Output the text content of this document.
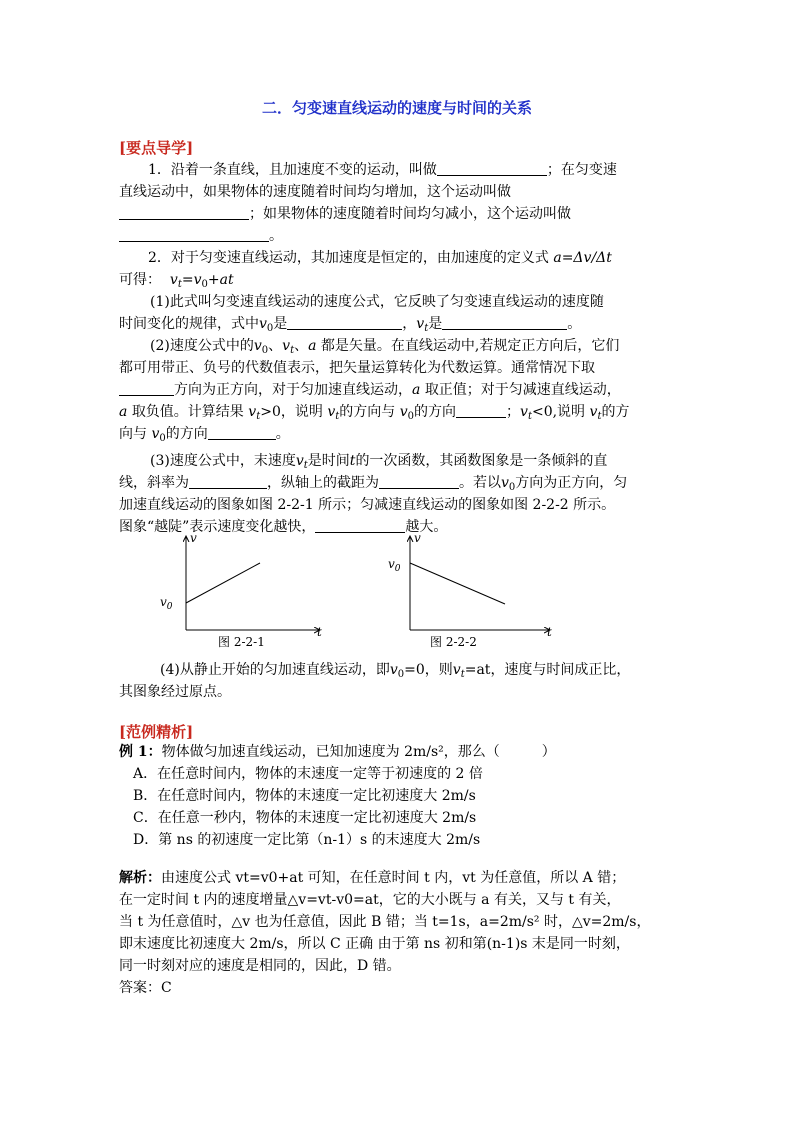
二．匀变速直线运动的速度与时间的关系
[要点导学]
1．沿着一条直线，且加速度不变的运动，叫做	；在匀变速
直线运动中，如果物体的速度随着时间均匀增加，这个运动叫做
；如果物体的速度随着时间均匀减小，这个运动叫做
。
2．对于匀变速直线运动，其加速度是恒定的，由加速度的定义式 a=Δv/Δt
可得： $v_t=v_0+at$
(1)此式叫匀变速直线运动的速度公式，它反映了匀变速直线运动的速度随
时间变化的规律，式中$v_0$是	，$v_t$是	。
(2)速度公式中的$v_0$、$v_t$、a 都是矢量。在直线运动中,若规定正方向后，它们
都可用带正、负号的代数值表示，把矢量运算转化为代数运算。通常情况下取
方向为正方向，对于匀加速直线运动，a 取正值；对于匀减速直线运动，
a 取负值。计算结果 $v_t>0$，说明 $v_t$的方向与 $v_0$的方向	；$v_t<0$,说明 $v_t$的方
向与 $v_0$的方向	。
(3)速度公式中，末速度$v_t$是时间t的一次函数，其函数图象是一条倾斜的直
线，斜率为	，纵轴上的截距为	。若以$v_0$方向为正方向，匀
加速直线运动的图象如图 2-2-1 所示；匀减速直线运动的图象如图 2-2-2 所示。
图象“越陡”表示速度变化越快，	越大。
v
t
$v_0$
图 2-2-1
v
t
$v_0$
图 2-2-2
(4)从静止开始的匀加速直线运动，即$v_0=0$，则$v_t=at$，速度与时间成正比，
其图象经过原点。
[范例精析]
例 1：物体做匀加速直线运动，已知加速度为 2m/s²，那么（　　　）
A．在任意时间内，物体的末速度一定等于初速度的 2 倍
B．在任意时间内，物体的末速度一定比初速度大 2m/s
C．在任意一秒内，物体的末速度一定比初速度大 2m/s
D．第 ns 的初速度一定比第（n-1）s 的末速度大 2m/s
解析：由速度公式 vt=v0+at 可知，在任意时间 t 内，vt 为任意值，所以 A 错；
在一定时间 t 内的速度增量△v=vt-v0=at，它的大小既与 a 有关，又与 t 有关，
当 t 为任意值时，△v 也为任意值，因此 B 错；当 t=1s，a=2m/s² 时，△v=2m/s，
即末速度比初速度大 2m/s，所以 C 正确 由于第 ns 初和第(n-1)s 末是同一时刻，
同一时刻对应的速度是相同的，因此，D 错。
答案：C
